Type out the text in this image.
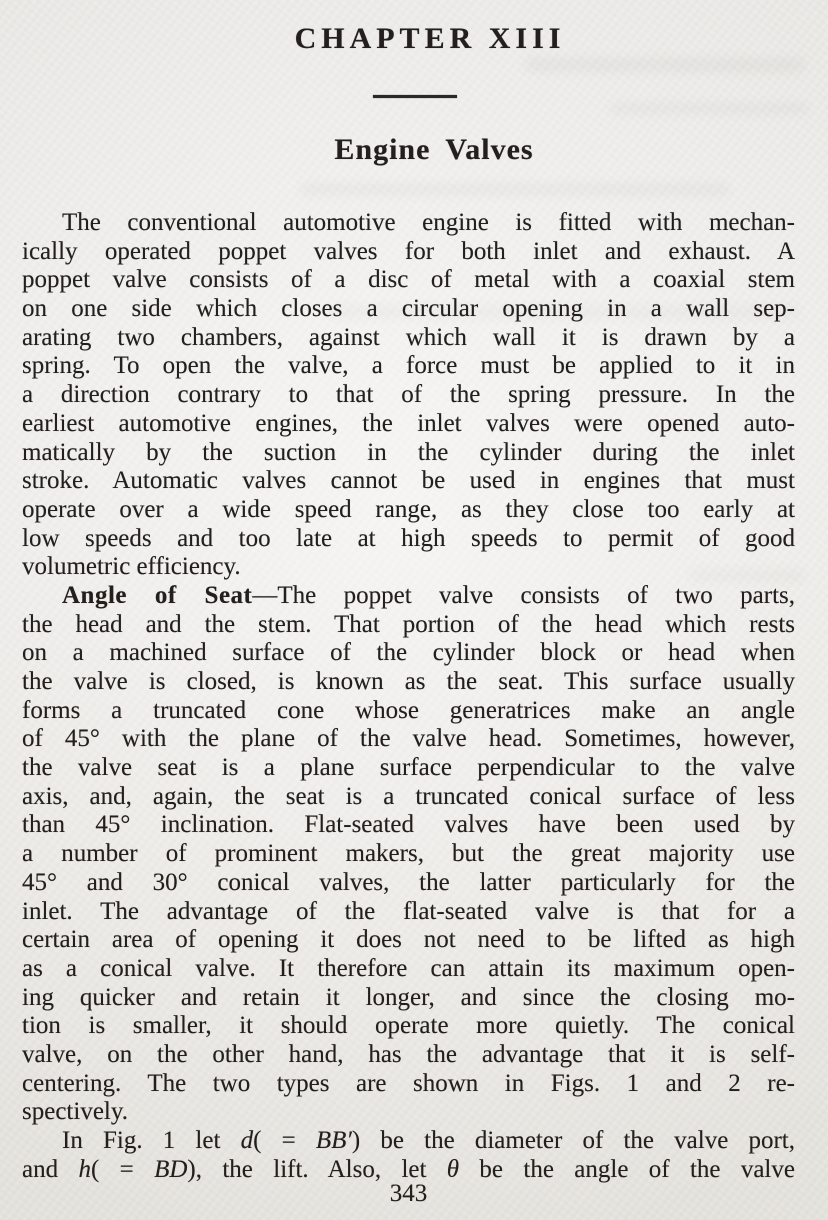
CHAPTER XIII
Engine Valves
The conventional automotive engine is fitted with mechan-
ically operated poppet valves for both inlet and exhaust. A
poppet valve consists of a disc of metal with a coaxial stem
on one side which closes a circular opening in a wall sep-
arating two chambers, against which wall it is drawn by a
spring. To open the valve, a force must be applied to it in
a direction contrary to that of the spring pressure. In the
earliest automotive engines, the inlet valves were opened auto-
matically by the suction in the cylinder during the inlet
stroke. Automatic valves cannot be used in engines that must
operate over a wide speed range, as they close too early at
low speeds and too late at high speeds to permit of good
volumetric efficiency.
Angle of Seat—The poppet valve consists of two parts,
the head and the stem. That portion of the head which rests
on a machined surface of the cylinder block or head when
the valve is closed, is known as the seat. This surface usually
forms a truncated cone whose generatrices make an angle
of 45° with the plane of the valve head. Sometimes, however,
the valve seat is a plane surface perpendicular to the valve
axis, and, again, the seat is a truncated conical surface of less
than 45° inclination. Flat-seated valves have been used by
a number of prominent makers, but the great majority use
45° and 30° conical valves, the latter particularly for the
inlet. The advantage of the flat-seated valve is that for a
certain area of opening it does not need to be lifted as high
as a conical valve. It therefore can attain its maximum open-
ing quicker and retain it longer, and since the closing mo-
tion is smaller, it should operate more quietly. The conical
valve, on the other hand, has the advantage that it is self-
centering. The two types are shown in Figs. 1 and 2 re-
spectively.
In Fig. 1 let d( = BB′) be the diameter of the valve port,
and h( = BD), the lift. Also, let θ be the angle of the valve
343
